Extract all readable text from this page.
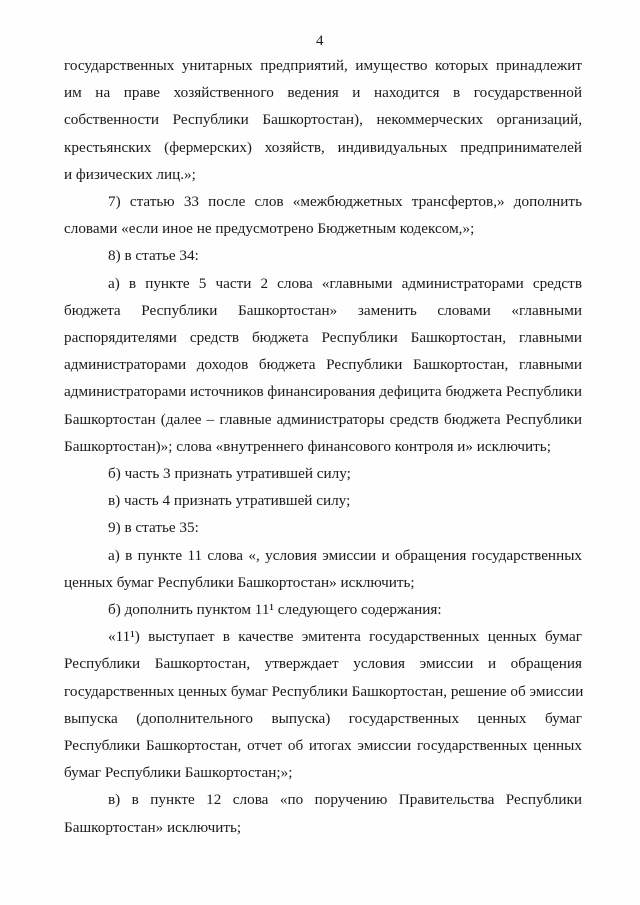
4
государственных унитарных предприятий, имущество которых принадлежит
им на праве хозяйственного ведения и находится в государственной
собственности Республики Башкортостан), некоммерческих организаций,
крестьянских (фермерских) хозяйств, индивидуальных предпринимателей
и физических лиц.»;
7) статью 33 после слов «межбюджетных трансфертов,» дополнить
словами «если иное не предусмотрено Бюджетным кодексом,»;
8) в статье 34:
а) в пункте 5 части 2 слова «главными администраторами средств
бюджета Республики Башкортостан» заменить словами «главными
распорядителями средств бюджета Республики Башкортостан, главными
администраторами доходов бюджета Республики Башкортостан, главными
администраторами источников финансирования дефицита бюджета Республики
Башкортостан (далее – главные администраторы средств бюджета Республики
Башкортостан)»; слова «внутреннего финансового контроля и» исключить;
б) часть 3 признать утратившей силу;
в) часть 4 признать утратившей силу;
9) в статье 35:
а) в пункте 11 слова «, условия эмиссии и обращения государственных
ценных бумаг Республики Башкортостан» исключить;
б) дополнить пунктом 11¹ следующего содержания:
«11¹) выступает в качестве эмитента государственных ценных бумаг
Республики Башкортостан, утверждает условия эмиссии и обращения
государственных ценных бумаг Республики Башкортостан, решение об эмиссии
выпуска (дополнительного выпуска) государственных ценных бумаг
Республики Башкортостан, отчет об итогах эмиссии государственных ценных
бумаг Республики Башкортостан;»;
в) в пункте 12 слова «по поручению Правительства Республики
Башкортостан» исключить;
